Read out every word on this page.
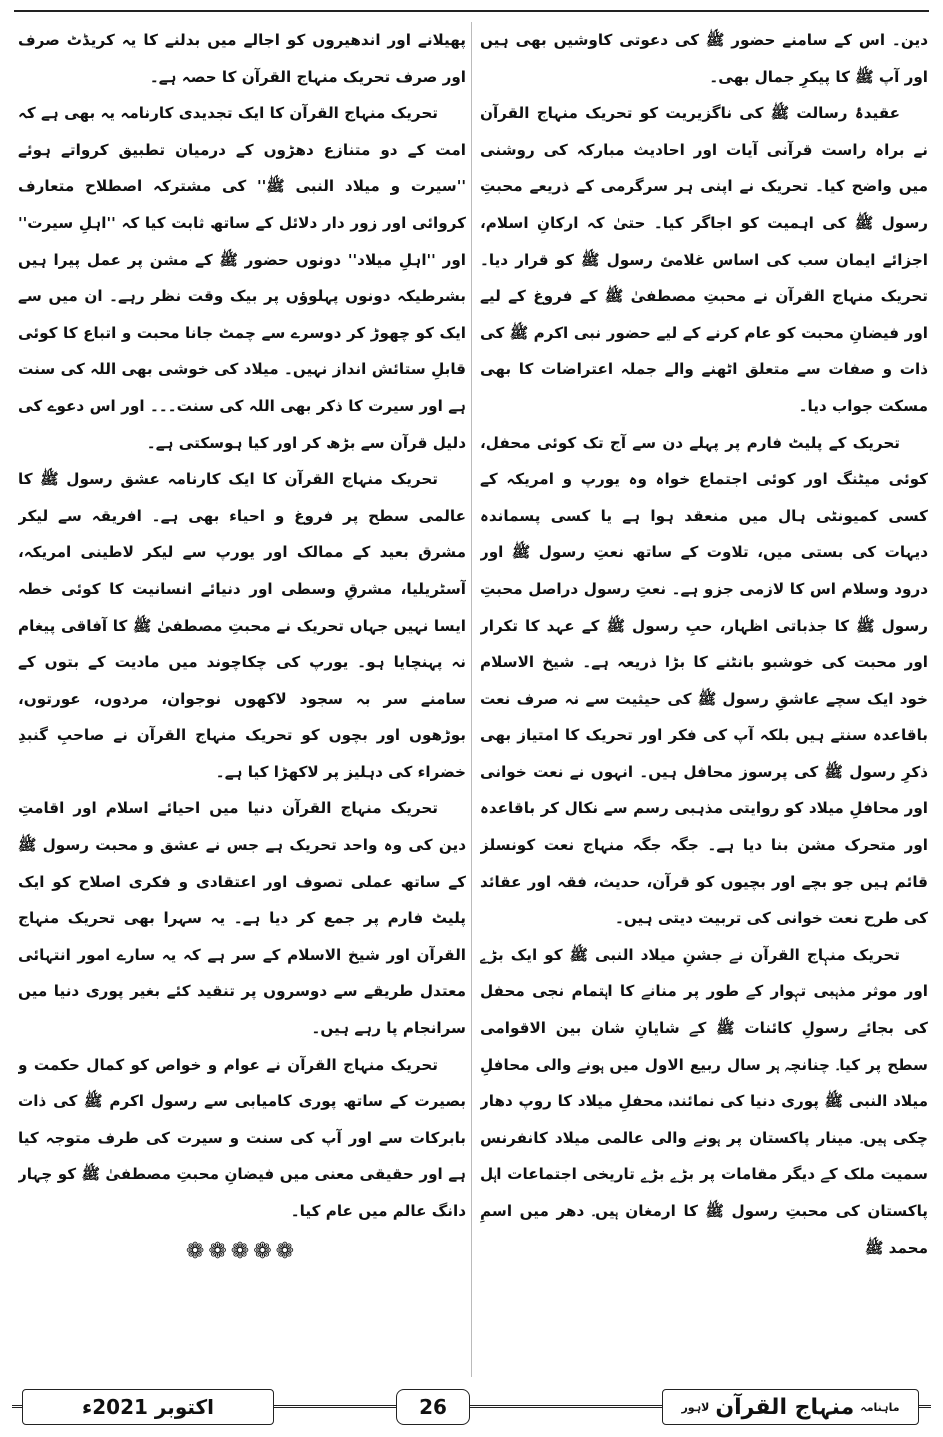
دین۔ اس کے سامنے حضور ﷺ کی دعوتی کاوشیں بھی ہیں اور آپ ﷺ کا پیکرِ جمال بھی۔

عقیدۂ رسالت ﷺ کی ناگزیریت کو تحریک منہاج القرآن نے براہ راست قرآنی آیات اور احادیث مبارکہ کی روشنی میں واضح کیا۔ تحریک نے اپنی ہر سرگرمی کے ذریعے محبتِ رسول ﷺ کی اہمیت کو اجاگر کیا۔ حتیٰ کہ ارکانِ اسلام، اجزائے ایمان سب کی اساس غلامئ رسول ﷺ کو قرار دیا۔ تحریک منہاج القرآن نے محبتِ مصطفیٰ ﷺ کے فروغ کے لیے اور فیضانِ محبت کو عام کرنے کے لیے حضور نبی اکرم ﷺ کی ذات و صفات سے متعلق اٹھنے والے جملہ اعتراضات کا بھی مسکت جواب دیا۔

تحریک کے پلیٹ فارم پر پہلے دن سے آج تک کوئی محفل، کوئی میٹنگ اور کوئی اجتماع خواہ وہ یورپ و امریکہ کے کسی کمیونٹی ہال میں منعقد ہوا ہے یا کسی پسماندہ دیہات کی بستی میں، تلاوت کے ساتھ نعتِ رسول ﷺ اور درود وسلام اس کا لازمی جزو ہے۔ نعتِ رسول دراصل محبتِ رسول ﷺ کا جذباتی اظہار، حبِ رسول ﷺ کے عہد کا تکرار اور محبت کی خوشبو بانٹنے کا بڑا ذریعہ ہے۔ شیخ الاسلام خود ایک سچے عاشقِ رسول ﷺ کی حیثیت سے نہ صرف نعت باقاعدہ سنتے ہیں بلکہ آپ کی فکر اور تحریک کا امتیاز بھی ذکرِ رسول ﷺ کی پرسوز محافل ہیں۔ انہوں نے نعت خوانی اور محافلِ میلاد کو روایتی مذہبی رسم سے نکال کر باقاعدہ اور متحرک مشن بنا دیا ہے۔ جگہ جگہ منہاج نعت کونسلز قائم ہیں جو بچے اور بچیوں کو قرآن، حدیث، فقہ اور عقائد کی طرح نعت خوانی کی تربیت دیتی ہیں۔

تحریک منہاج القرآن نے جشنِ میلاد النبی ﷺ کو ایک بڑے اور موثر مذہبی تہوار کے طور پر منانے کا اہتمام نجی محفل کی بجائے رسولِ کائنات ﷺ کے شایانِ شان بین الاقوامی سطح پر کیا۔ چنانچہ ہر سال ربیع الاول میں ہونے والی محافلِ میلاد النبی ﷺ پوری دنیا کی نمائندہ محفلِ میلاد کا روپ دھار چکی ہیں۔ مینار پاکستان پر ہونے والی عالمی میلاد کانفرنس سمیت ملک کے دیگر مقامات پر بڑے بڑے تاریخی اجتماعات اہل پاکستان کی محبتِ رسول ﷺ کا ارمغان ہیں۔ دھر میں اسمِ محمد ﷺ

پھیلانے اور اندھیروں کو اجالے میں بدلنے کا یہ کریڈٹ صرف اور صرف تحریک منہاج القرآن کا حصہ ہے۔

تحریک منہاج القرآن کا ایک تجدیدی کارنامہ یہ بھی ہے کہ امت کے دو متنازع دھڑوں کے درمیان تطبیق کرواتے ہوئے ''سیرت و میلاد النبی ﷺ'' کی مشترکہ اصطلاح متعارف کروائی اور زور دار دلائل کے ساتھ ثابت کیا کہ ''اہلِ سیرت'' اور ''اہلِ میلاد'' دونوں حضور ﷺ کے مشن پر عمل پیرا ہیں بشرطیکہ دونوں پہلوؤں پر بیک وقت نظر رہے۔ ان میں سے ایک کو چھوڑ کر دوسرے سے چمٹ جانا محبت و اتباع کا کوئی قابلِ ستائش انداز نہیں۔ میلاد کی خوشی بھی اللہ کی سنت ہے اور سیرت کا ذکر بھی اللہ کی سنت۔۔۔ اور اس دعوے کی دلیل قرآن سے بڑھ کر اور کیا ہوسکتی ہے۔

تحریک منہاج القرآن کا ایک کارنامہ عشق رسول ﷺ کا عالمی سطح پر فروغ و احیاء بھی ہے۔ افریقہ سے لیکر مشرق بعید کے ممالک اور یورپ سے لیکر لاطینی امریکہ، آسٹریلیا، مشرقِ وسطی اور دنیائے انسانیت کا کوئی خطہ ایسا نہیں جہاں تحریک نے محبتِ مصطفیٰ ﷺ کا آفاقی پیغام نہ پہنچایا ہو۔ یورپ کی چکاچوند میں مادیت کے بتوں کے سامنے سر بہ سجود لاکھوں نوجوان، مردوں، عورتوں، بوڑھوں اور بچوں کو تحریک منہاج القرآن نے صاحبِ گنبدِ خضراء کی دہلیز پر لاکھڑا کیا ہے۔

تحریک منہاج القرآن دنیا میں احیائے اسلام اور اقامتِ دین کی وہ واحد تحریک ہے جس نے عشق و محبت رسول ﷺ کے ساتھ عملی تصوف اور اعتقادی و فکری اصلاح کو ایک پلیٹ فارم پر جمع کر دیا ہے۔ یہ سہرا بھی تحریک منہاج القرآن اور شیخ الاسلام کے سر ہے کہ یہ سارے امور انتہائی معتدل طریقے سے دوسروں پر تنقید کئے بغیر پوری دنیا میں سرانجام پا رہے ہیں۔

تحریک منہاج القرآن نے عوام و خواص کو کمال حکمت و بصیرت کے ساتھ پوری کامیابی سے رسول اکرم ﷺ کی ذات بابرکات سے اور آپ کی سنت و سیرت کی طرف متوجہ کیا ہے اور حقیقی معنی میں فیضانِ محبتِ مصطفیٰ ﷺ کو چہار دانگ عالم میں عام کیا۔

❁❁❁❁❁
اکتوبر 2021ء	26	ماہنامہ
منہاج القرآن
لاہور
